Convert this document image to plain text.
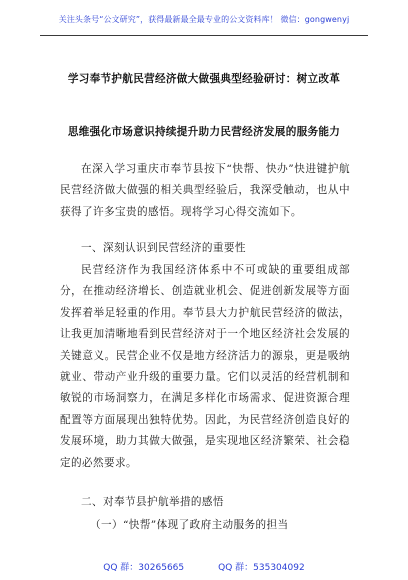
关注头条号“公文研究”，获得最新最全最专业的公文资料库！ 微信：gongwenyj
学习奉节护航民营经济做大做强典型经验研讨：树立改革
思维强化市场意识持续提升助力民营经济发展的服务能力
在深入学习重庆市奉节县按下“快帮、快办”快进键护航民营经济做大做强的相关典型经验后，我深受触动，也从中获得了许多宝贵的感悟。现将学习心得交流如下。
一、深刻认识到民营经济的重要性
民营经济作为我国经济体系中不可或缺的重要组成部分，在推动经济增长、创造就业机会、促进创新发展等方面发挥着举足轻重的作用。奉节县大力护航民营经济的做法，让我更加清晰地看到民营经济对于一个地区经济社会发展的关键意义。民营企业不仅是地方经济活力的源泉，更是吸纳就业、带动产业升级的重要力量。它们以灵活的经营机制和敏锐的市场洞察力，在满足多样化市场需求、促进资源合理配置等方面展现出独特优势。因此，为民营经济创造良好的发展环境，助力其做大做强，是实现地区经济繁荣、社会稳定的必然要求。
二、对奉节县护航举措的感悟
（一）“快帮”体现了政府主动服务的担当
QQ 群：30265665	QQ 群：535304092
